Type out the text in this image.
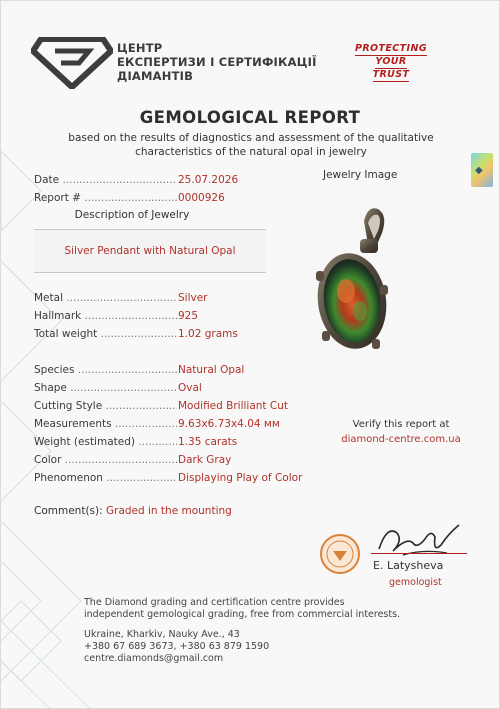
ЦЕНТР
ЕКСПЕРТИЗИ І СЕРТИФІКАЦІЇ
ДІАМАНТІВ
PROTECTING
YOUR
TRUST
GEMOLOGICAL REPORT
based on the results of diagnostics and assessment of the qualitative
characteristics of the natural opal in jewelry
◆
Date .....	25.07.2026
Report # .....	0000926
Description of Jewelry
Silver Pendant with Natural Opal
Jewelry Image
Metal .....	Silver
Hallmark .....	925
Total weight .....	1.02 grams
Species .....	Natural Opal
Shape .....	Oval
Cutting Style .....	Modified Brilliant Cut
Measurements .....	9.63x6.73x4.04 мм
Weight (estimated) .....	1.35 carats
Color .....	Dark Gray
Phenomenon .....	Displaying Play of Color
Verify this report at
diamond-centre.com.ua
Comment(s): Graded in the mounting
E. Latysheva
gemologist
The Diamond grading and certification centre provides
independent gemological grading, free from commercial interests.
Ukraine, Kharkiv, Nauky Ave., 43
+380 67 689 3673, +380 63 879 1590
centre.diamonds@gmail.com
